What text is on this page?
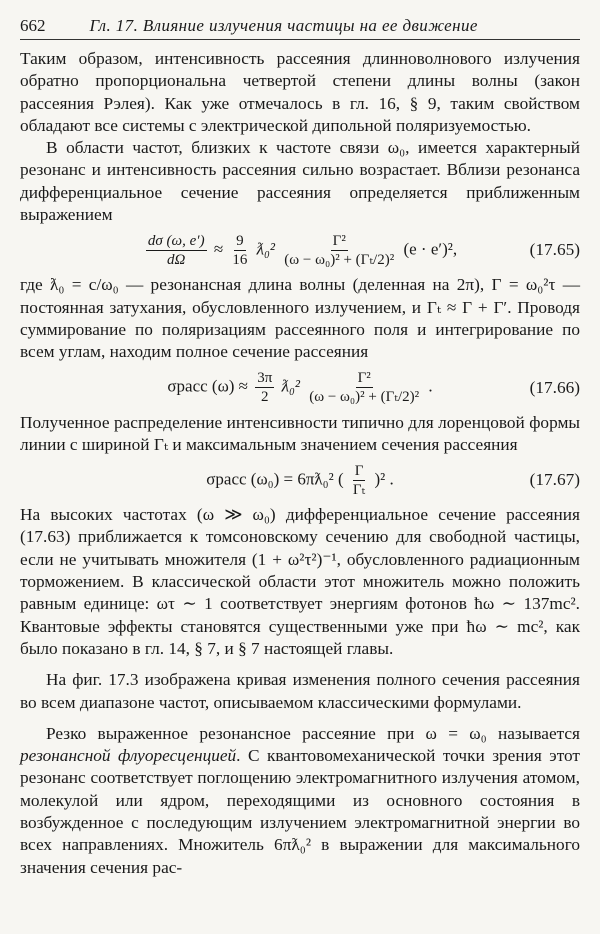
662	Гл. 17. Влияние излучения частицы на ее движение

Таким образом, интенсивность рассеяния длинноволнового излучения обратно пропорциональна четвертой степени длины волны (закон рассеяния Рэлея). Как уже отмечалось в гл. 16, § 9, таким свойством обладают все системы с электрической дипольной поляризуемостью.

В области частот, близких к частоте связи ω₀, имеется характерный резонанс и интенсивность рассеяния сильно возрастает. Вблизи резонанса дифференциальное сечение рассеяния определяется приближенным выражением

$\frac{d\sigma (\omega, e')}{d\Omega} \approx \frac{9}{16}$ ƛ₀² $\frac{\text{Γ²}}{\text{(ω − ω₀)² + (Γₜ/2)²}} (e \cdot e')^2$,	(17.65)

где ƛ₀ = c/ω₀ — резонансная длина волны (деленная на 2π), Γ = ω₀²τ — постоянная затухания, обусловленного излучением, и Γₜ ≈ Γ + Γ′. Проводя суммирование по поляризациям рассеянного поля и интегрирование по всем углам, находим полное сечение рассеяния

σрасс $(\omega) \approx \frac{3\pi}{2}$ ƛ₀² $\frac{\text{Γ²}}{\text{(ω − ω₀)² + (Γₜ/2)²}}$ .	(17.66)

Полученное распределение интенсивности типично для лоренцовой формы линии с шириной Γₜ и максимальным значением сечения рассеяния

σрасс (ω₀) = 6πƛ₀² ( $\frac{\Gamma}{\text{Γₜ}} )^2$ .	(17.67)

На высоких частотах (ω ≫ ω₀) дифференциальное сечение рассеяния (17.63) приближается к томсоновскому сечению для свободной частицы, если не учитывать множителя (1 + ω²τ²)⁻¹, обусловленного радиационным торможением. В классической области этот множитель можно положить равным единице: ωτ ∼ 1 соответствует энергиям фотонов ħω ∼ 137mc². Квантовые эффекты становятся существенными уже при ħω ∼ mc², как было показано в гл. 14, § 7, и § 7 настоящей главы.

На фиг. 17.3 изображена кривая изменения полного сечения рассеяния во всем диапазоне частот, описываемом классическими формулами.

Резко выраженное резонансное рассеяние при ω = ω₀ называется резонансной флуоресценцией. С квантовомеханической точки зрения этот резонанс соответствует поглощению электромагнитного излучения атомом, молекулой или ядром, переходящими из основного состояния в возбужденное с последующим излучением электромагнитной энергии во всех направлениях. Множитель 6πƛ₀² в выражении для максимального значения сечения рас-
